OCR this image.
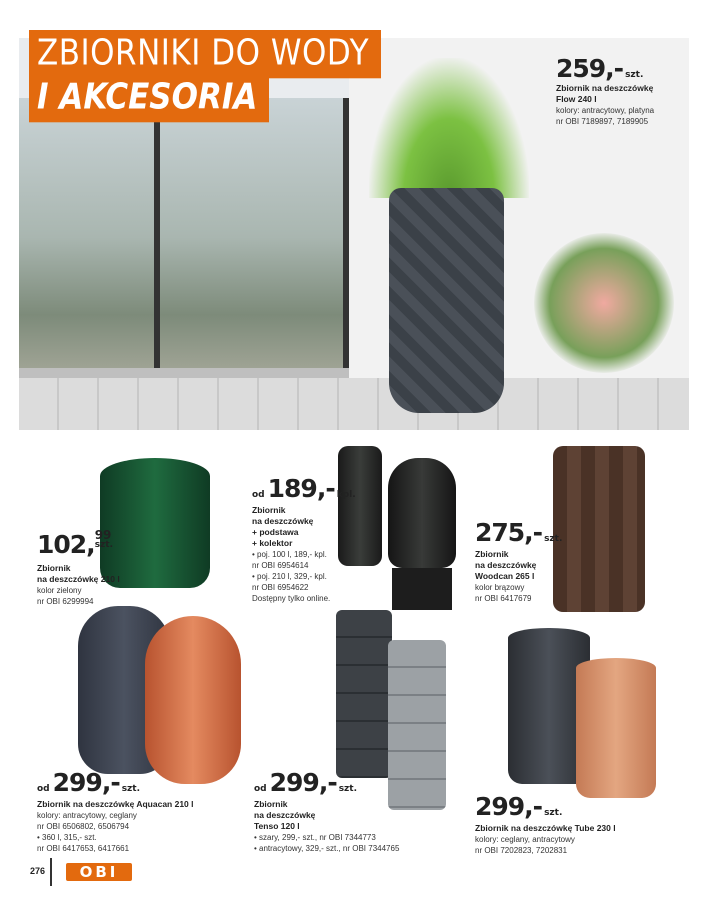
ZBIORNIKI DO WODY
I AKCESORIA
259,- szt.
Zbiornik na deszczówkę
Flow 240 l
kolory: antracytowy, platyna
nr OBI 7189897, 7189905
102, 99
szt.
Zbiornik
na deszczówkę 210 l
kolor zielony
nr OBI 6299994
od 189,- kpl.
Zbiornik
na deszczówkę
+ podstawa
+ kolektor
• poj. 100 l, 189,- kpl.
nr OBI 6954614
• poj. 210 l, 329,- kpl.
nr OBI 6954622
Dostępny tylko online.
275,- szt.
Zbiornik
na deszczówkę
Woodcan 265 l
kolor brązowy
nr OBI 6417679
od 299,- szt.
Zbiornik na deszczówkę Aquacan 210 l
kolory: antracytowy, ceglany
nr OBI 6506802, 6506794
• 360 l, 315,- szt.
nr OBI 6417653, 6417661
od 299,- szt.
Zbiornik
na deszczówkę
Tenso 120 l
• szary, 299,- szt., nr OBI 7344773
• antracytowy, 329,- szt., nr OBI 7344765
299,- szt.
Zbiornik na deszczówkę Tube 230 l
kolory: ceglany, antracytowy
nr OBI 7202823, 7202831
276	OBI
